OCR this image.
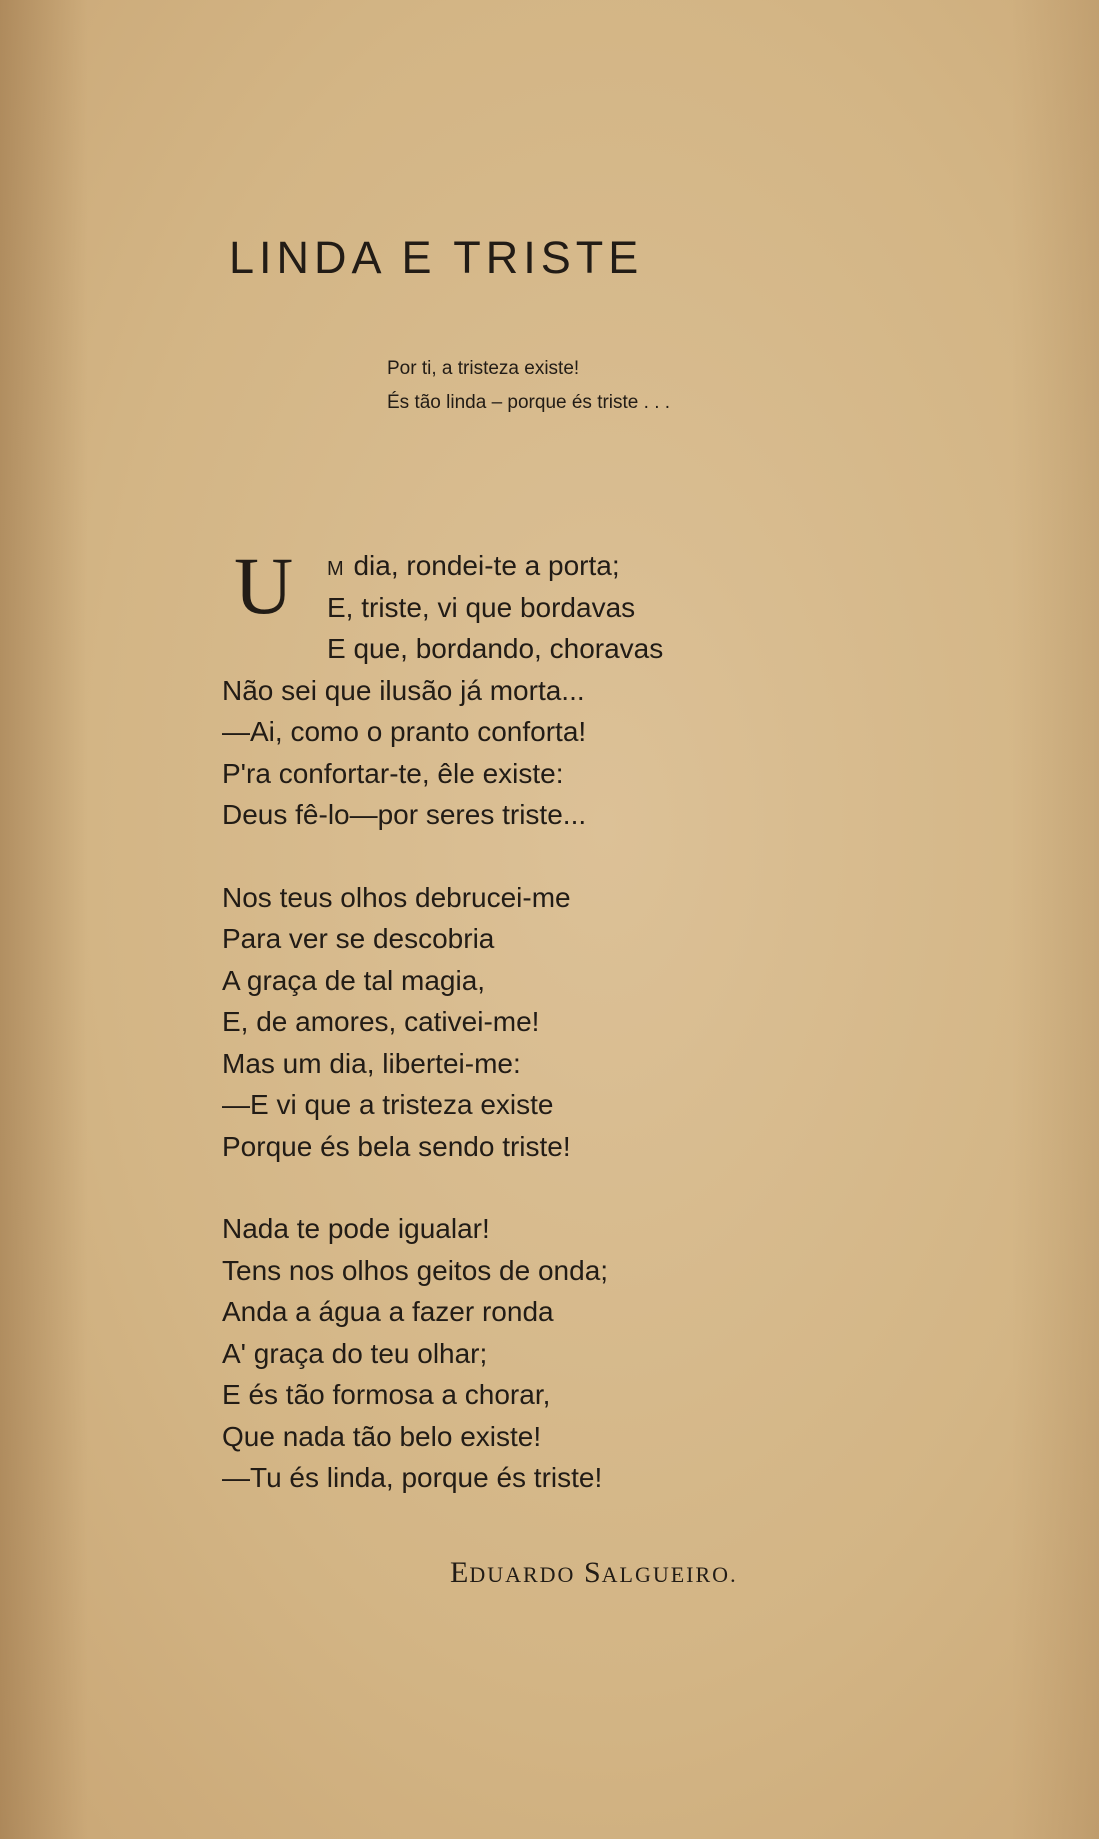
LINDA E TRISTE
Por ti, a tristeza existe!
És tão linda – porque és triste . . .
U	M dia, rondei-te a porta;
E, triste, vi que bordavas
E que, bordando, choravas
Não sei que ilusão já morta...
—Ai, como o pranto conforta!
P'ra confortar-te, êle existe:
Deus fê-lo—por seres triste...
Nos teus olhos debrucei-me
Para ver se descobria
A graça de tal magia,
E, de amores, cativei-me!
Mas um dia, libertei-me:
—E vi que a tristeza existe
Porque és bela sendo triste!
Nada te pode igualar!
Tens nos olhos geitos de onda;
Anda a água a fazer ronda
A' graça do teu olhar;
E és tão formosa a chorar,
Que nada tão belo existe!
—Tu és linda, porque és triste!
EDUARDO SALGUEIRO.
